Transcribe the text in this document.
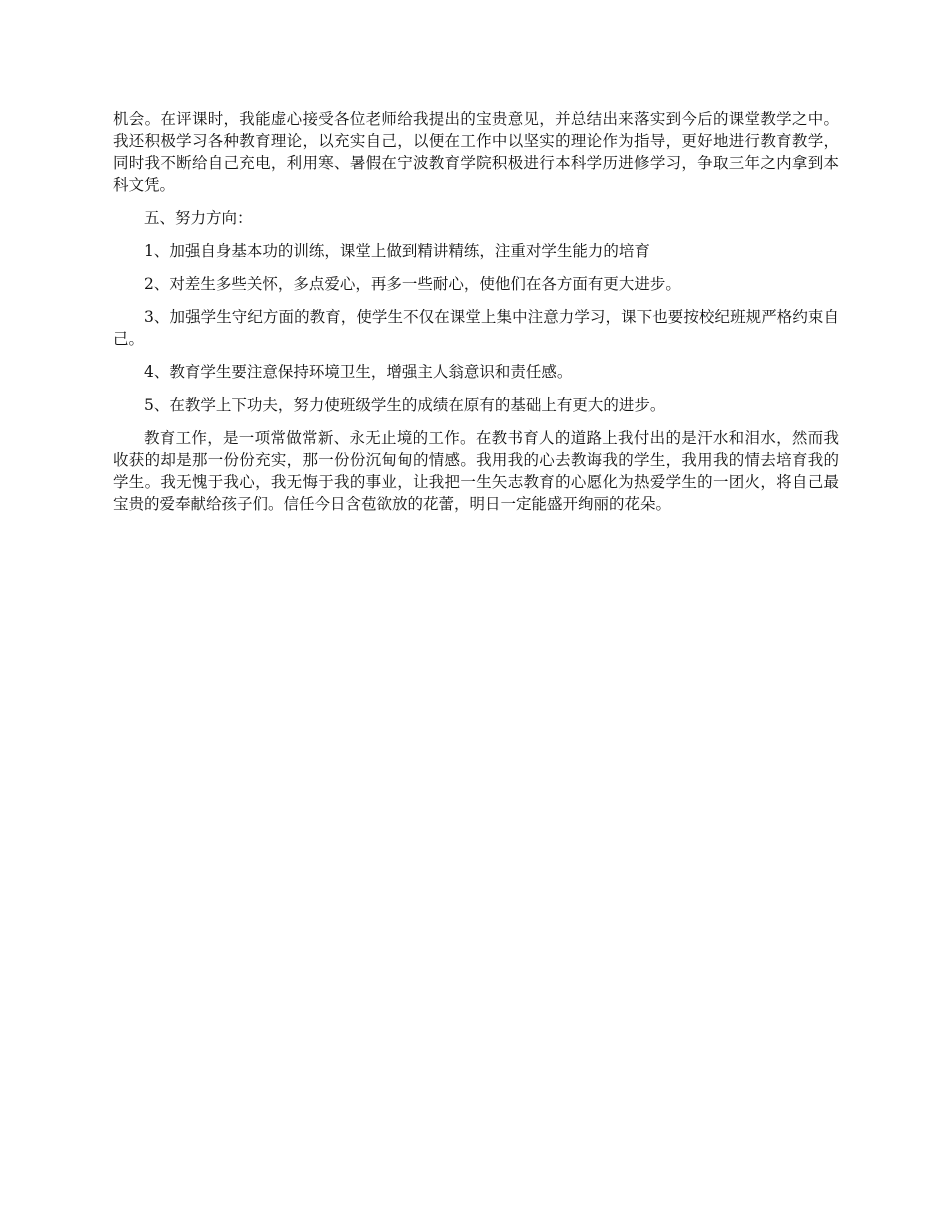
机会。在评课时，我能虚心接受各位老师给我提出的宝贵意见，并总结出来落实到今后的课堂教学之中。我还积极学习各种教育理论，以充实自己，以便在工作中以坚实的理论作为指导，更好地进行教育教学，同时我不断给自己充电，利用寒、暑假在宁波教育学院积极进行本科学历进修学习，争取三年之内拿到本科文凭。

五、努力方向：

1、加强自身基本功的训练，课堂上做到精讲精练，注重对学生能力的培育

2、对差生多些关怀，多点爱心，再多一些耐心，使他们在各方面有更大进步。

3、加强学生守纪方面的教育，使学生不仅在课堂上集中注意力学习，课下也要按校纪班规严格约束自己。

4、教育学生要注意保持环境卫生，增强主人翁意识和责任感。

5、在教学上下功夫，努力使班级学生的成绩在原有的基础上有更大的进步。

教育工作，是一项常做常新、永无止境的工作。在教书育人的道路上我付出的是汗水和泪水，然而我收获的却是那一份份充实，那一份份沉甸甸的情感。我用我的心去教诲我的学生，我用我的情去培育我的学生。我无愧于我心，我无悔于我的事业，让我把一生矢志教育的心愿化为热爱学生的一团火，将自己最宝贵的爱奉献给孩子们。信任今日含苞欲放的花蕾，明日一定能盛开绚丽的花朵。
